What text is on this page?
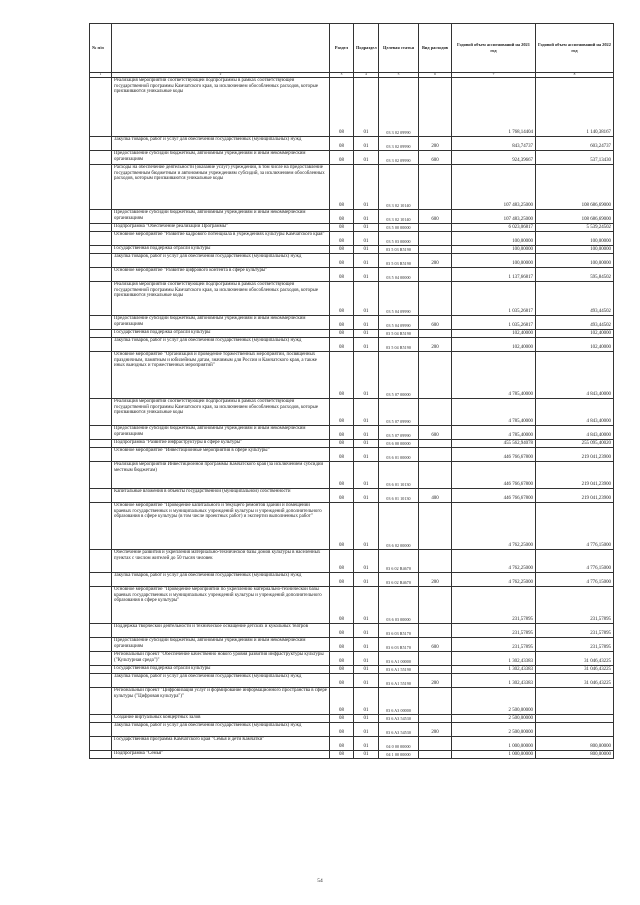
№ п/п		Раздел	Подраздел	Целевая статья	Вид расходов	Годовой объем ассигнований на 2021 год	Годовой объем ассигнований на 2022 год
1	2	3	4	5	6	7	8
	Реализация мероприятий соответствующей подпрограммы в рамках соответствующей государственной программы Камчатского края, за исключением обособленных расходов, которые присваиваются уникальные коды	08	01	03 3 02 09990		1 768,14404	1 140,38167
	Закупка товаров, работ и услуг для обеспечения государственных (муниципальных) нужд	08	01	03 3 02 09990	200	843,74737	603,24737
	Предоставление субсидий бюджетным, автономным учреждениям и иным некоммерческим организациям	08	01	03 3 02 09990	600	924,39667	537,13430
	Расходы на обеспечение деятельности (оказание услуг) учреждений, в том числе на предоставление государственным бюджетным и автономным учреждениям субсидий, за исключением обособленных расходов, которым присваиваются уникальные коды	08	01	03 3 02 10140		107 483,25000	108 686,69000
	Предоставление субсидий бюджетным, автономным учреждениям и иным некоммерческим организациям	08	01	03 3 02 10140	600	107 483,25000	108 686,69000
	Подпрограмма "Обеспечение реализации Программы"	08	01	03 5 00 00000		6 023,06817	5 539,24502
	Основное мероприятие "Развитие кадрового потенциала в учреждениях культуры Камчатского края"	08	01	03 5 03 00000		100,00000	100,00000
	Государственная поддержка отрасли культуры	08	01	03 5 03 R5190		100,00000	100,00000
	Закупка товаров, работ и услуг для обеспечения государственных (муниципальных) нужд	08	01	03 5 03 R5190	200	100,00000	100,00000
	Основное мероприятие "Развитие цифрового контента в сфере культуры"	08	01	03 5 04 00000		1 137,66817	595,84502
	Реализация мероприятий соответствующей подпрограммы в рамках соответствующей государственной программы Камчатского края, за исключением обособленных расходов, которые присваиваются уникальные коды	08	01	03 5 04 09990		1 035,26817	493,44502
	Предоставление субсидий бюджетным, автономным учреждениям и иным некоммерческим организациям	08	01	03 5 04 09990	600	1 035,26817	493,44502
	Государственная поддержка отрасли культуры	08	01	03 5 04 R5190		102,40000	102,40000
	Закупка товаров, работ и услуг для обеспечения государственных (муниципальных) нужд	08	01	03 5 04 R5190	200	102,40000	102,40000
	Основное мероприятие "Организация и проведение торжественных мероприятий, посвященных праздничным, памятным и юбилейным датам, значимым для России и Камчатского края, а также иных выездных и торжественных мероприятий"	08	01	03 5 07 00000		4 785,40000	4 843,40000
	Реализация мероприятий соответствующей подпрограммы в рамках соответствующей государственной программы Камчатского края, за исключением обособленных расходов, которые присваиваются уникальные коды	08	01	03 5 07 09990		4 785,40000	4 843,40000
	Предоставление субсидий бюджетным, автономным учреждениям и иным некоммерческим организациям	08	01	03 5 07 09990	600	4 785,40000	4 843,40000
	Подпрограмма "Развитие инфраструктуры в сфере культуры"	08	01	03 6 00 00000		455 562,94078	255 095,40020
	Основное мероприятие "Инвестиционные мероприятия в сфере культуры"	08	01	03 6 01 00000		446 766,67800	219 041,23900
	Реализация мероприятий Инвестиционной программы Камчатского края (за исключением субсидий местным бюджетам)	08	01	03 6 01 10130		446 766,67800	219 041,23900
	Капитальные вложения в объекты государственной (муниципальной) собственности	08	01	03 6 01 10130	400	446 766,67800	219 041,23900
	Основное мероприятие "Проведение капитального и текущего ремонтов зданий и помещений краевых государственных и муниципальных учреждений культуры и учреждений дополнительного образования в сфере культуры (в том числе проектных работ) и экспертиз выполненных работ"	08	01	03 6 02 00000		4 762,25000	4 776,15000
	Обеспечение развития и укрепления материально-технической базы домов культуры в населенных пунктах с числом жителей до 50 тысяч человек	08	01	03 6 02 R4670		4 762,25000	4 776,15000
	Закупка товаров, работ и услуг для обеспечения государственных (муниципальных) нужд	08	01	03 6 02 R4670	200	4 762,25000	4 776,15000
	Основное мероприятие "Проведение мероприятий по укреплению материально-технической базы краевых государственных и муниципальных учреждений культуры и учреждений дополнительного образования в сфере культуры"	08	01	03 6 03 00000		231,57895	231,57895
	Поддержка творческой деятельности и техническое оснащение детских и кукольных театров	08	01	03 6 03 R5170		231,57895	231,57895
	Предоставление субсидий бюджетным, автономным учреждениям и иным некоммерческим организациям	08	01	03 6 03 R5170	600	231,57895	231,57895
	Региональный проект "Обеспечение качественно нового уровня развития инфраструктуры культуры ("Культурная среда")"	08	01	03 6 A1 00000		1 302,43383	31 046,43225
	Государственная поддержка отрасли культуры	08	01	03 6 A1 55190		1 302,43383	31 046,43225
	Закупка товаров, работ и услуг для обеспечения государственных (муниципальных) нужд	08	01	03 6 A1 55190	200	1 302,43383	31 046,43225
	Региональный проект "Цифровизация услуг и формирование информационного пространства в сфере культуры ("Цифровая культура")"	08	01	03 6 A3 00000		2 500,00000	
	Создание виртуальных концертных залов	08	01	03 6 A3 54530		2 500,00000	
	Закупка товаров, работ и услуг для обеспечения государственных (муниципальных) нужд	08	01	03 6 A3 54530	200	2 500,00000	
	Государственная программа Камчатского края "Семья и дети Камчатки"	08	01	04 0 00 00000		1 000,00000	800,00000
	Подпрограмма "Семья"	08	01	04 1 00 00000		1 000,00000	800,00000
54
